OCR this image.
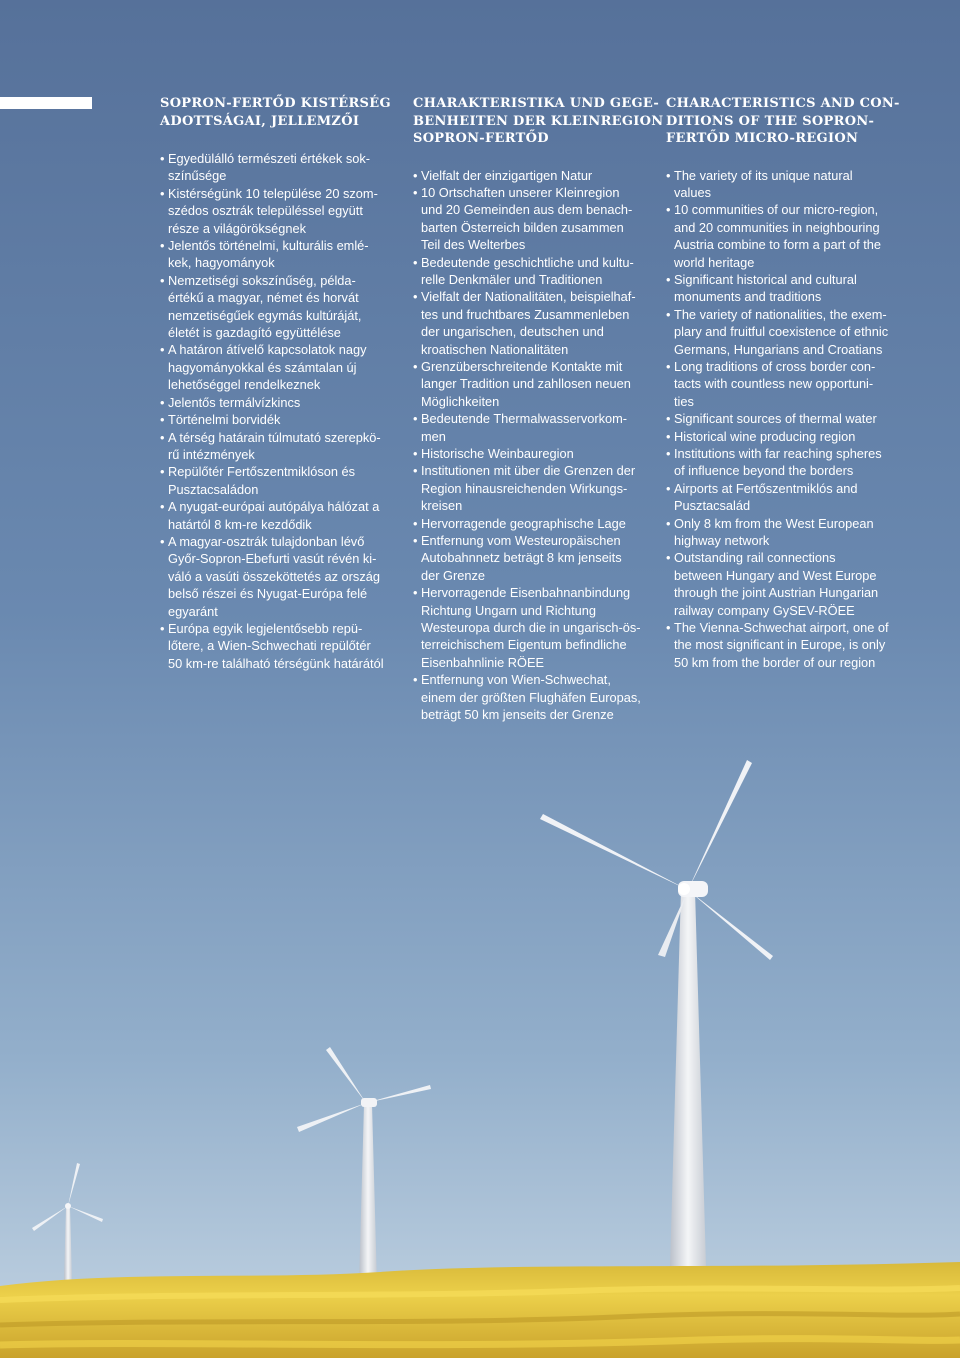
SOPRON-FERTŐD KISTÉRSÉG
ADOTTSÁGAI, JELLEMZŐI
• Egyedülálló természeti értékek sok-
színűsége
• Kistérségünk 10 települése 20 szom-
szédos osztrák településsel együtt
része a világörökségnek
• Jelentős történelmi, kulturális emlé-
kek, hagyományok
• Nemzetiségi sokszínűség, példa-
értékű a magyar, német és horvát
nemzetiségűek egymás kultúráját,
életét is gazdagító együttélése
• A határon átívelő kapcsolatok nagy
hagyományokkal és számtalan új
lehetőséggel rendelkeznek
• Jelentős termálvízkincs
• Történelmi borvidék
• A térség határain túlmutató szerepkö-
rű intézmények
• Repülőtér Fertőszentmiklóson és
Pusztacsaládon
• A nyugat-európai autópálya hálózat a
határtól 8 km-re kezdődik
• A magyar-osztrák tulajdonban lévő
Győr-Sopron-Ebefurti vasút révén ki-
váló a vasúti összeköttetés az ország
belső részei és Nyugat-Európa felé
egyaránt
• Európa egyik legjelentősebb repü-
lőtere, a Wien-Schwechati repülőtér
50 km-re található térségünk határától
CHARAKTERISTIKA UND GEGE-
BENHEITEN DER KLEINREGION
SOPRON-FERTŐD
• Vielfalt der einzigartigen Natur
• 10 Ortschaften unserer Kleinregion
und 20 Gemeinden aus dem benach-
barten Österreich bilden zusammen
Teil des Welterbes
• Bedeutende geschichtliche und kultu-
relle Denkmäler und Traditionen
• Vielfalt der Nationalitäten, beispielhaf-
tes und fruchtbares Zusammenleben
der ungarischen, deutschen und
kroatischen Nationalitäten
• Grenzüberschreitende Kontakte mit
langer Tradition und zahllosen neuen
Möglichkeiten
• Bedeutende Thermalwasservorkom-
men
• Historische Weinbauregion
• Institutionen mit über die Grenzen der
Region hinausreichenden Wirkungs-
kreisen
• Hervorragende geographische Lage
• Entfernung vom Westeuropäischen
Autobahnnetz beträgt 8 km jenseits
der Grenze
• Hervorragende Eisenbahnanbindung
Richtung Ungarn und Richtung
Westeuropa durch die in ungarisch-ös-
terreichischem Eigentum befindliche
Eisenbahnlinie RÖEE
• Entfernung von Wien-Schwechat,
einem der größten Flughäfen Europas,
beträgt 50 km jenseits der Grenze
CHARACTERISTICS AND CON-
DITIONS OF THE SOPRON-
FERTŐD MICRO-REGION
• The variety of its unique natural
values
• 10 communities of our micro-region,
and 20 communities in neighbouring
Austria combine to form a part of the
world heritage
• Significant historical and cultural
monuments and traditions
• The variety of nationalities, the exem-
plary and fruitful coexistence of ethnic
Germans, Hungarians and Croatians
• Long traditions of cross border con-
tacts with countless new opportuni-
ties
• Significant sources of thermal water
• Historical wine producing region
• Institutions with far reaching spheres
of influence beyond the borders
• Airports at Fertőszentmiklós and
Pusztacsalád
• Only 8 km from the West European
highway network
• Outstanding rail connections
between Hungary and West Europe
through the joint Austrian Hungarian
railway company GySEV-RÖEE
• The Vienna-Schwechat airport, one of
the most significant in Europe, is only
50 km from the border of our region
